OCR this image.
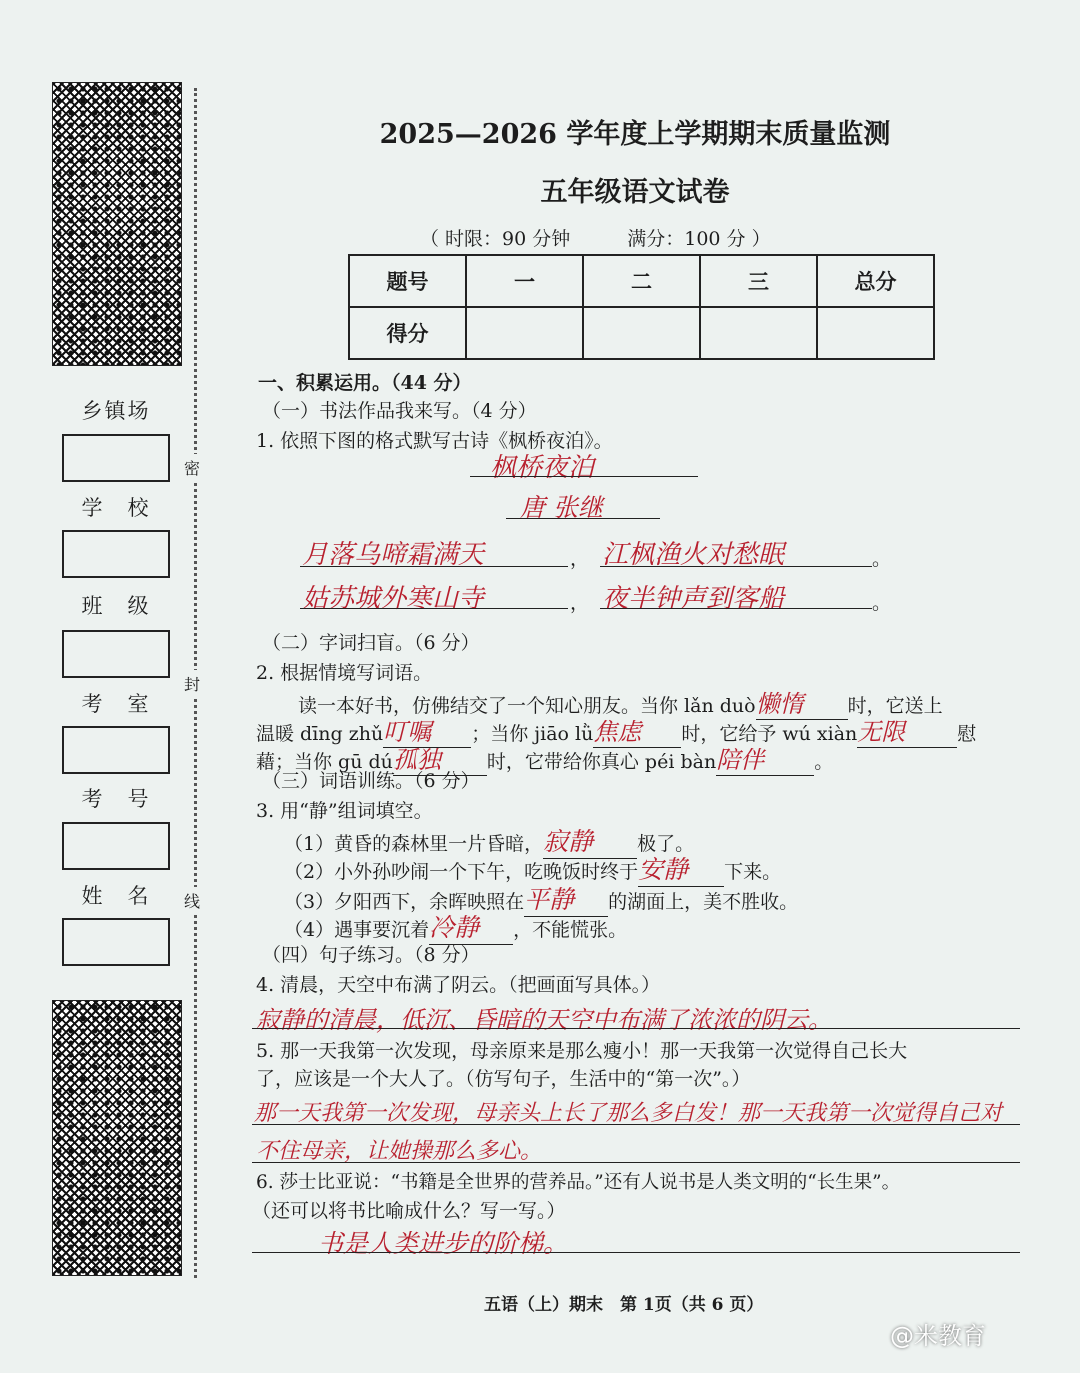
乡镇场
学　校
班　级
考　室
考　号
姓　名
密
封
线
2025—2026 学年度上学期期末质量监测
五年级语文试卷
（ 时限：90 分钟　　　满分：100 分 ）
题号	一	二	三	总分
得分				
一、积累运用。（44 分）
（一）书法作品我来写。（4 分）
1. 依照下图的格式默写古诗《枫桥夜泊》。
枫桥夜泊
唐 张继
月落乌啼霜满天	， 江枫渔火对愁眠	。
姑苏城外寒山寺	， 夜半钟声到客船	。
（二）字词扫盲。（6 分）
2. 根据情境写词语。
读一本好书，仿佛结交了一个知心朋友。当你 lǎn duò懒惰 时，它送上
温暖 dīng zhǔ叮嘱 ；当你 jiāo lǜ焦虑 时，它给予 wú xiàn无限	慰
藉；当你 gū dú孤独 时，它带给你真心 péi bàn陪伴	。
（三）词语训练。（6 分）
3. 用“静”组词填空。
（1）黄昏的森林里一片昏暗，寂静 极了。
（2）小外孙吵闹一个下午，吃晚饭时终于安静 下来。
（3）夕阳西下，余晖映照在平静 的湖面上，美不胜收。
（4）遇事要沉着冷静 ，不能慌张。
（四）句子练习。（8 分）
4. 清晨，天空中布满了阴云。（把画面写具体。）
寂静的清晨，低沉、昏暗的天空中布满了浓浓的阴云。
5. 那一天我第一次发现，母亲原来是那么瘦小！那一天我第一次觉得自己长大
了，应该是一个大人了。（仿写句子，生活中的“第一次”。）
那一天我第一次发现，母亲头上长了那么多白发！那一天我第一次觉得自己对
不住母亲，让她操那么多心。
6. 莎士比亚说：“书籍是全世界的营养品。”还有人说书是人类文明的“长生果”。
（还可以将书比喻成什么？写一写。）
书是人类进步的阶梯。
五语（上）期末　第 1页（共 6 页）
@米教育
